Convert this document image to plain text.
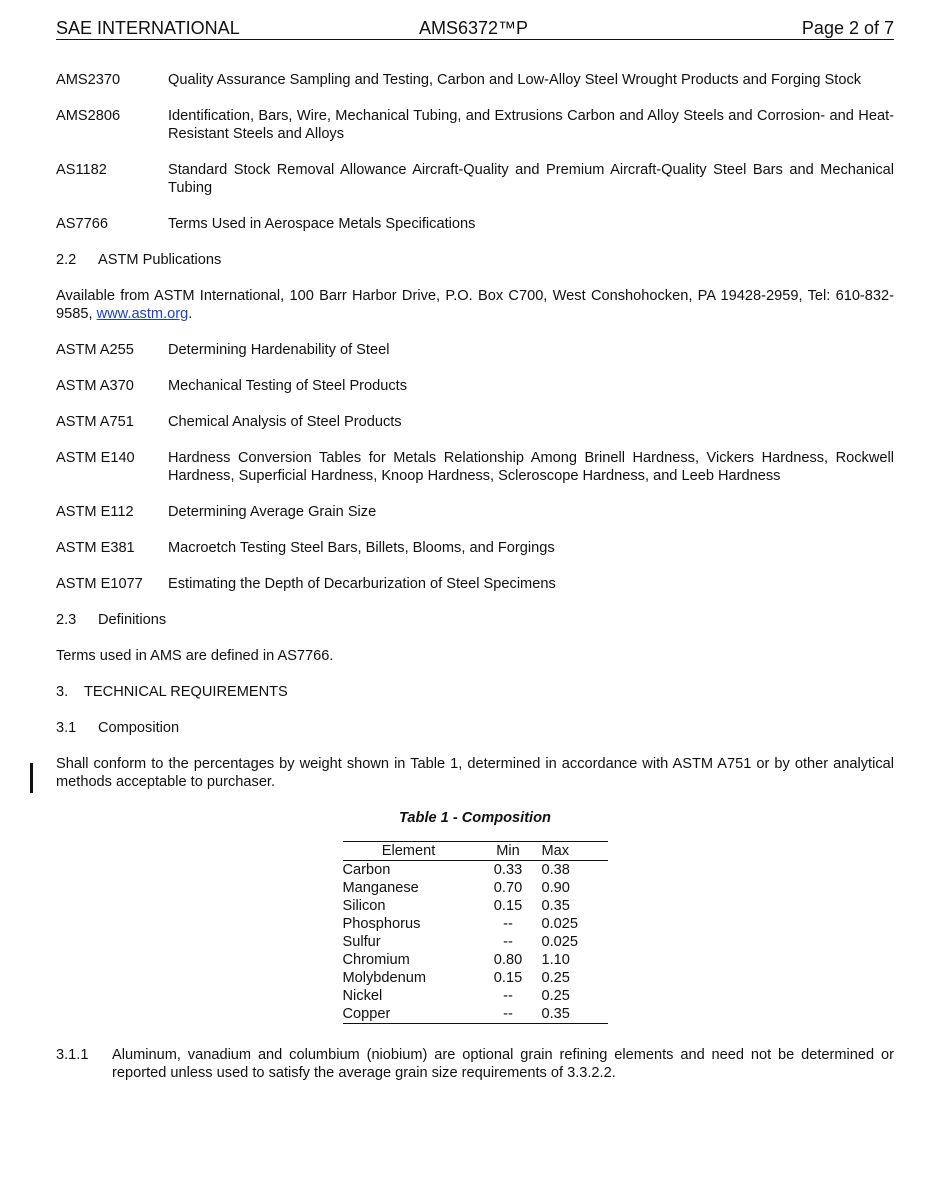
SAE INTERNATIONAL	AMS6372™P	Page 2 of 7
AMS2370	Quality Assurance Sampling and Testing, Carbon and Low-Alloy Steel Wrought Products and Forging Stock
AMS2806	Identification, Bars, Wire, Mechanical Tubing, and Extrusions Carbon and Alloy Steels and Corrosion- and Heat-Resistant Steels and Alloys
AS1182	Standard Stock Removal Allowance Aircraft-Quality and Premium Aircraft-Quality Steel Bars and Mechanical Tubing
AS7766	Terms Used in Aerospace Metals Specifications
2.2 ASTM Publications
Available from ASTM International, 100 Barr Harbor Drive, P.O. Box C700, West Conshohocken, PA 19428-2959, Tel: 610-832-9585, www.astm.org.
ASTM A255	Determining Hardenability of Steel
ASTM A370	Mechanical Testing of Steel Products
ASTM A751	Chemical Analysis of Steel Products
ASTM E140	Hardness Conversion Tables for Metals Relationship Among Brinell Hardness, Vickers Hardness, Rockwell Hardness, Superficial Hardness, Knoop Hardness, Scleroscope Hardness, and Leeb Hardness
ASTM E112	Determining Average Grain Size
ASTM E381	Macroetch Testing Steel Bars, Billets, Blooms, and Forgings
ASTM E1077	Estimating the Depth of Decarburization of Steel Specimens
2.3 Definitions
Terms used in AMS are defined in AS7766.
3. TECHNICAL REQUIREMENTS
3.1 Composition
Shall conform to the percentages by weight shown in Table 1, determined in accordance with ASTM A751 or by other analytical methods acceptable to purchaser.
Table 1 - Composition
Element	Min	Max
Carbon	0.33	0.38
Manganese	0.70	0.90
Silicon	0.15	0.35
Phosphorus	--	0.025
Sulfur	--	0.025
Chromium	0.80	1.10
Molybdenum	0.15	0.25
Nickel	--	0.25
Copper	--	0.35
3.1.1	Aluminum, vanadium and columbium (niobium) are optional grain refining elements and need not be determined or reported unless used to satisfy the average grain size requirements of 3.3.2.2.
